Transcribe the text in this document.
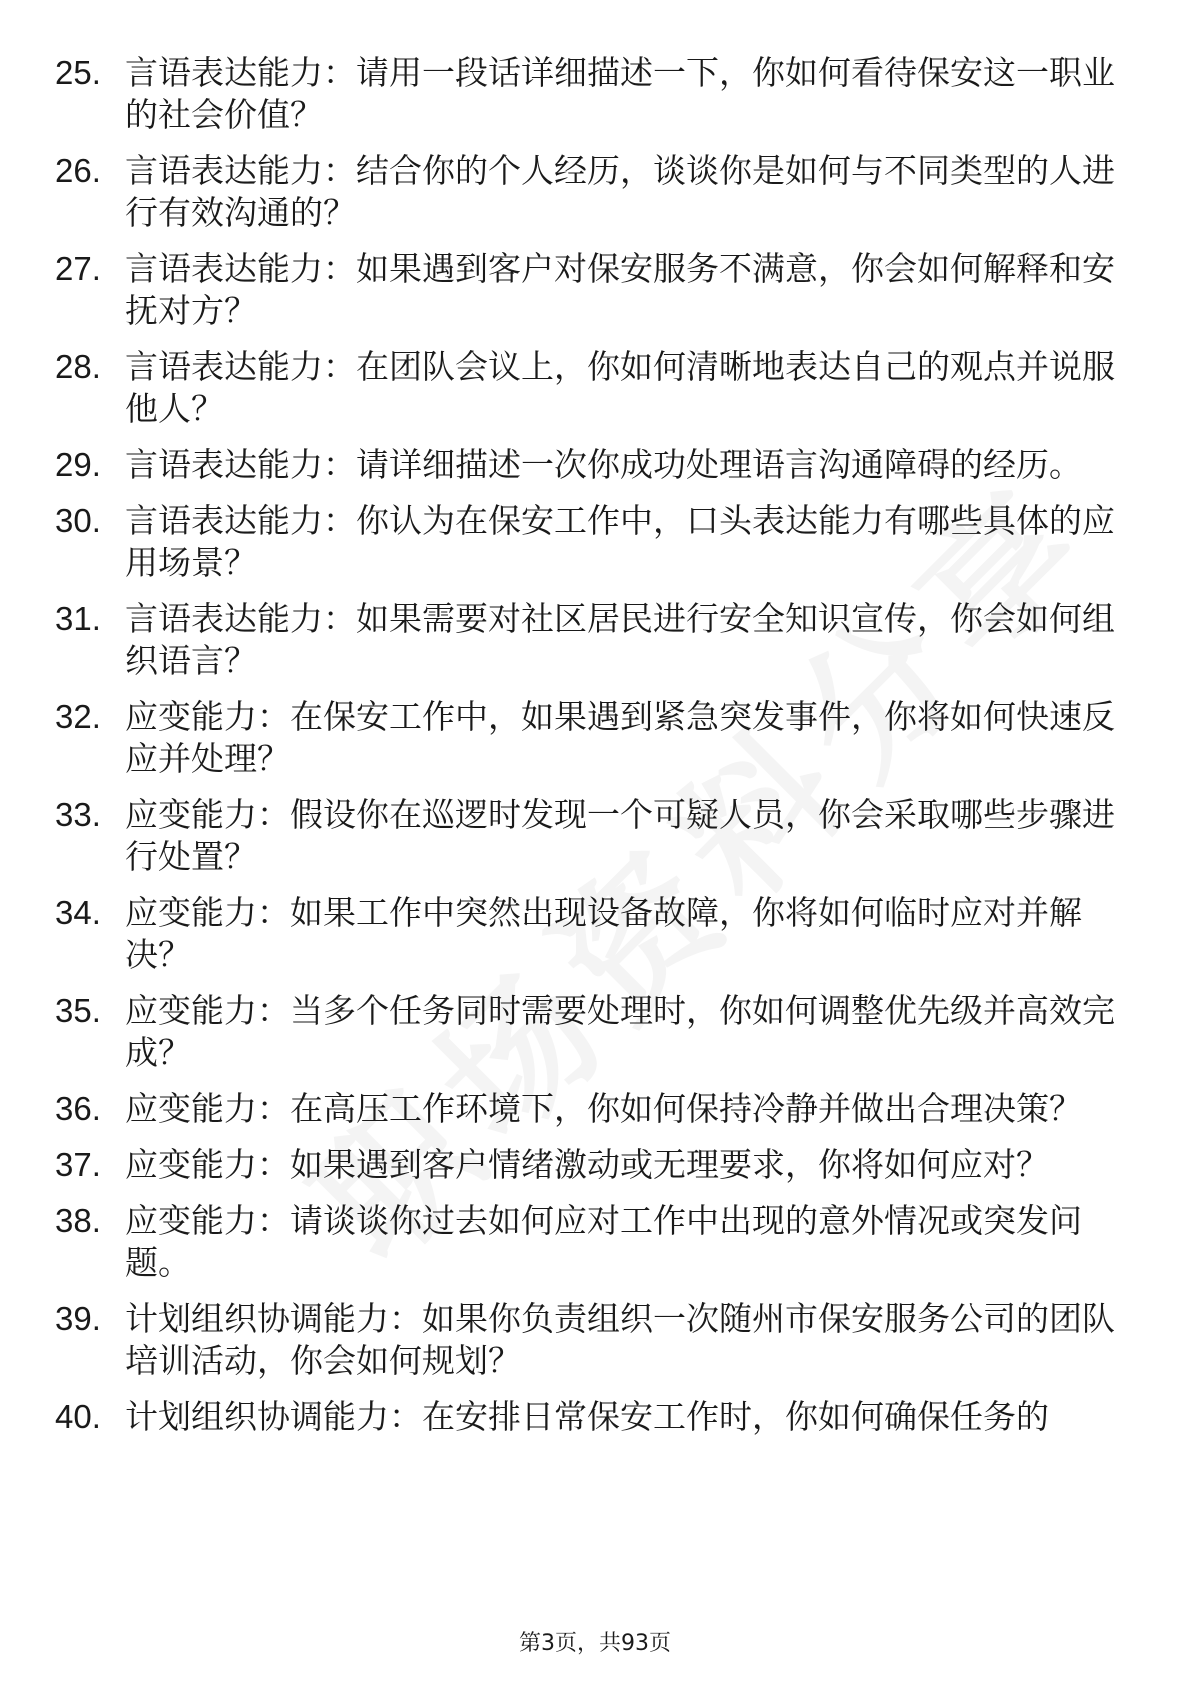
25. 言语表达能力：请用一段话详细描述一下，你如何看待保安这一职业的社会价值？
26. 言语表达能力：结合你的个人经历，谈谈你是如何与不同类型的人进行有效沟通的？
27. 言语表达能力：如果遇到客户对保安服务不满意，你会如何解释和安抚对方？
28. 言语表达能力：在团队会议上，你如何清晰地表达自己的观点并说服他人？
29. 言语表达能力：请详细描述一次你成功处理语言沟通障碍的经历。
30. 言语表达能力：你认为在保安工作中，口头表达能力有哪些具体的应用场景？
31. 言语表达能力：如果需要对社区居民进行安全知识宣传，你会如何组织语言？
32. 应变能力：在保安工作中，如果遇到紧急突发事件，你将如何快速反应并处理？
33. 应变能力：假设你在巡逻时发现一个可疑人员，你会采取哪些步骤进行处置？
34. 应变能力：如果工作中突然出现设备故障，你将如何临时应对并解决？
35. 应变能力：当多个任务同时需要处理时，你如何调整优先级并高效完成？
36. 应变能力：在高压工作环境下，你如何保持冷静并做出合理决策？
37. 应变能力：如果遇到客户情绪激动或无理要求，你将如何应对？
38. 应变能力：请谈谈你过去如何应对工作中出现的意外情况或突发问题。
39. 计划组织协调能力：如果你负责组织一次随州市保安服务公司的团队培训活动，你会如何规划？
40. 计划组织协调能力：在安排日常保安工作时，你如何确保任务的
第3页，共93页
